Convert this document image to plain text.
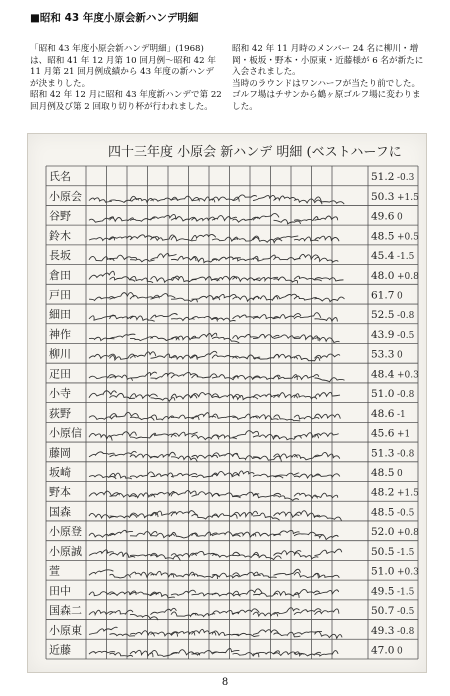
■昭和 43 年度小原会新ハンデ明細

「昭和 43 年度小原会新ハンデ明細」(1968) は、昭和 41 年 12 月第 10 回月例〜昭和 42 年 11 月第 21 回月例成績から 43 年度の新ハンデが決まりした。

昭和 42 年 12 月に昭和 43 年度新ハンデで第 22 回月例及び第 2 回取り切り杯が行われました。

昭和 42 年 11 月時のメンバー 24 名に柳川・増岡・板坂・野本・小原東・近藤様が 6 名が新たに入会されました。

当時のラウンドはワンハーフが当たり前でした。

ゴルフ場はチサンから鶴ヶ原ゴルフ場に変わりました。

四十三年度 小原会 新ハンデ 明細 (ベストハーフに
氏名
小原会
谷野
鈴木
長坂
倉田
戸田
細田
神作
柳川
疋田
小寺
荻野
小原信
藤岡
坂崎
野本
国森
小原登
小原誠
萱
田中
国森二
小原東
近藤
51.2 -0.3
50.3 +1.5
49.6 0
48.5 +0.5
45.4 -1.5
48.0 +0.8
61.7 0
52.5 -0.8
43.9 -0.5
53.3 0
48.4 +0.3
51.0 -0.8
48.6 -1
45.6 +1
51.3 -0.8
48.5 0
48.2 +1.5
48.5 -0.5
52.0 +0.8
50.5 -1.5
51.0 +0.3
49.5 -1.5
50.7 -0.5
49.3 -0.8
47.0 0
8
